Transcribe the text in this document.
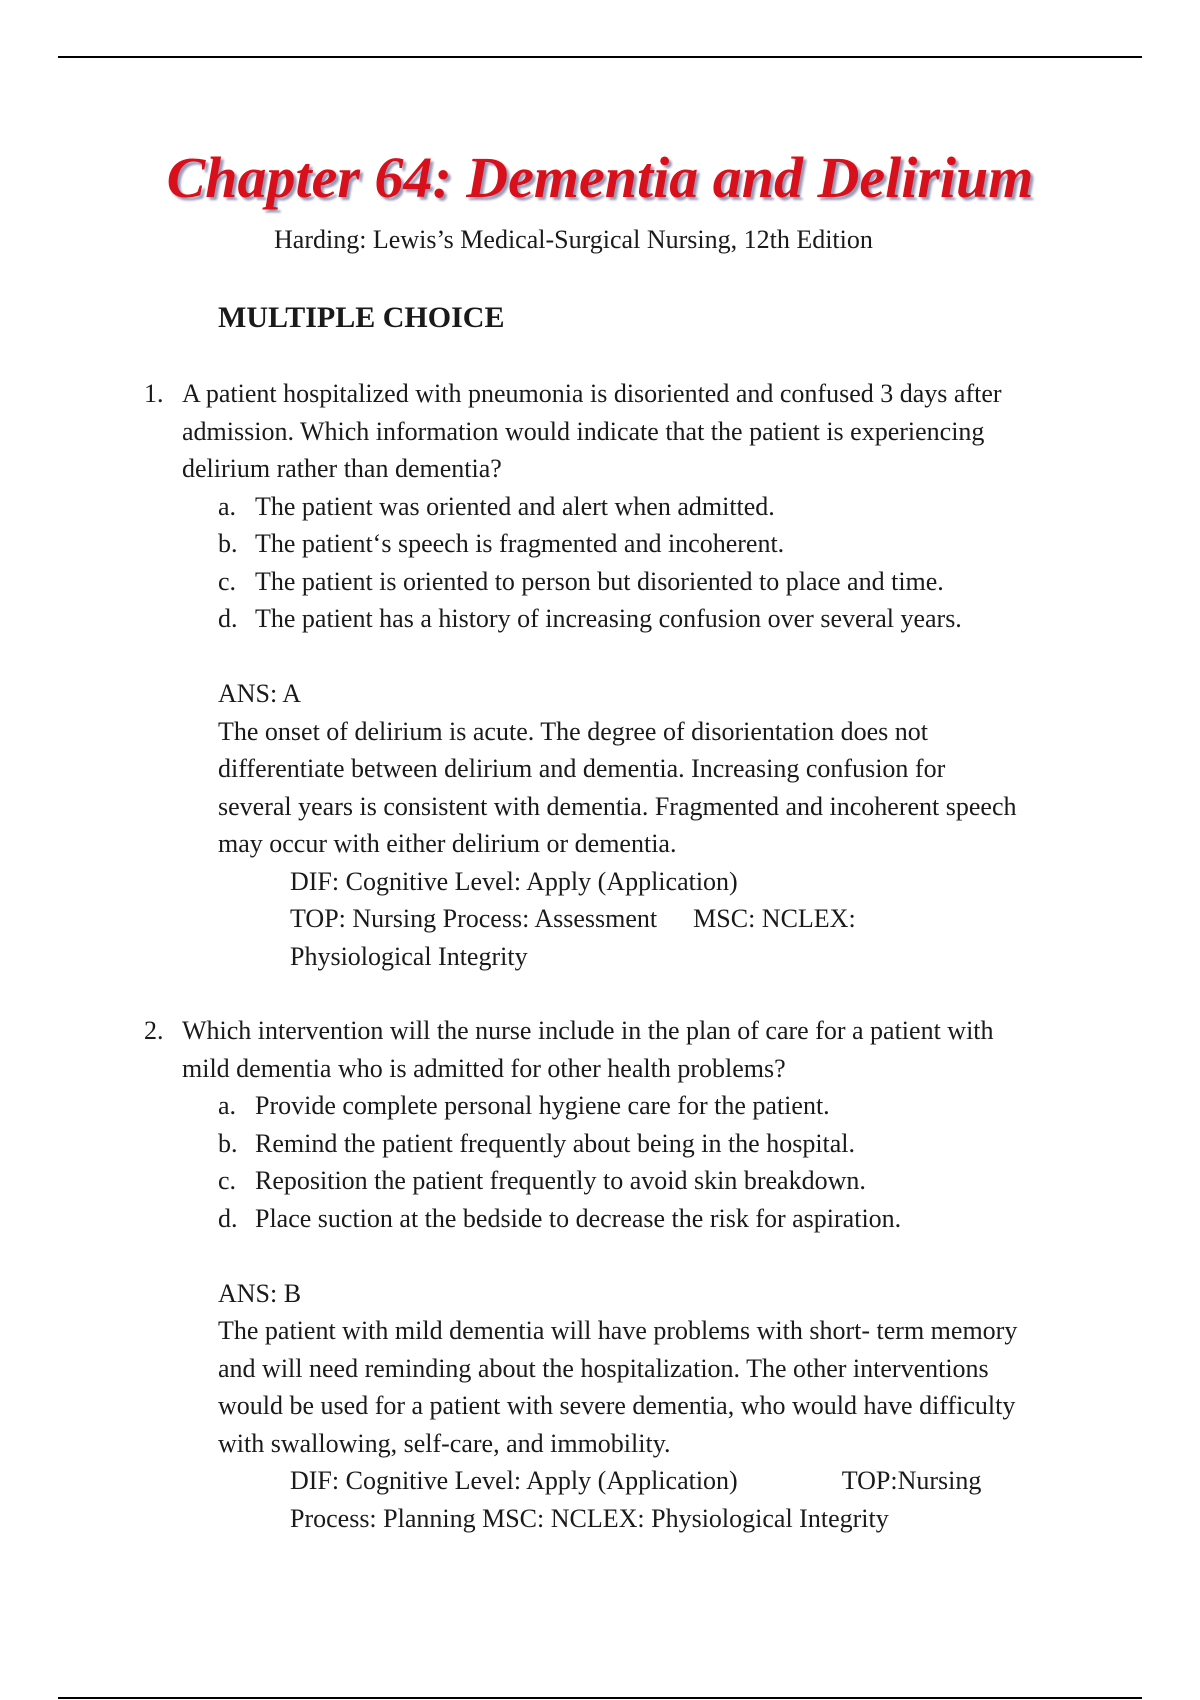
Chapter 64: Dementia and Delirium

Harding: Lewis’s Medical-Surgical Nursing, 12th Edition

MULTIPLE CHOICE
1. A patient hospitalized with pneumonia is disoriented and confused 3 days after admission. Which information would indicate that the patient is experiencing delirium rather than dementia?

a. The patient was oriented and alert when admitted.
b. The patient‘s speech is fragmented and incoherent.
c. The patient is oriented to person but disoriented to place and time.
d. The patient has a history of increasing confusion over several years.

ANS: A

The onset of delirium is acute. The degree of disorientation does not differentiate between delirium and dementia. Increasing confusion for several years is consistent with dementia. Fragmented and incoherent speech may occur with either delirium or dementia.

DIF: Cognitive Level: Apply (Application)

TOP: Nursing Process: Assessment MSC: NCLEX:

Physiological Integrity

2. Which intervention will the nurse include in the plan of care for a patient with mild dementia who is admitted for other health problems?

a. Provide complete personal hygiene care for the patient.
b. Remind the patient frequently about being in the hospital.
c. Reposition the patient frequently to avoid skin breakdown.
d. Place suction at the bedside to decrease the risk for aspiration.

ANS: B

The patient with mild dementia will have problems with short- term memory and will need reminding about the hospitalization. The other interventions would be used for a patient with severe dementia, who would have difficulty with swallowing, self-care, and immobility.

DIF: Cognitive Level: Apply (Application)	TOP:Nursing

Process: Planning MSC: NCLEX: Physiological Integrity
